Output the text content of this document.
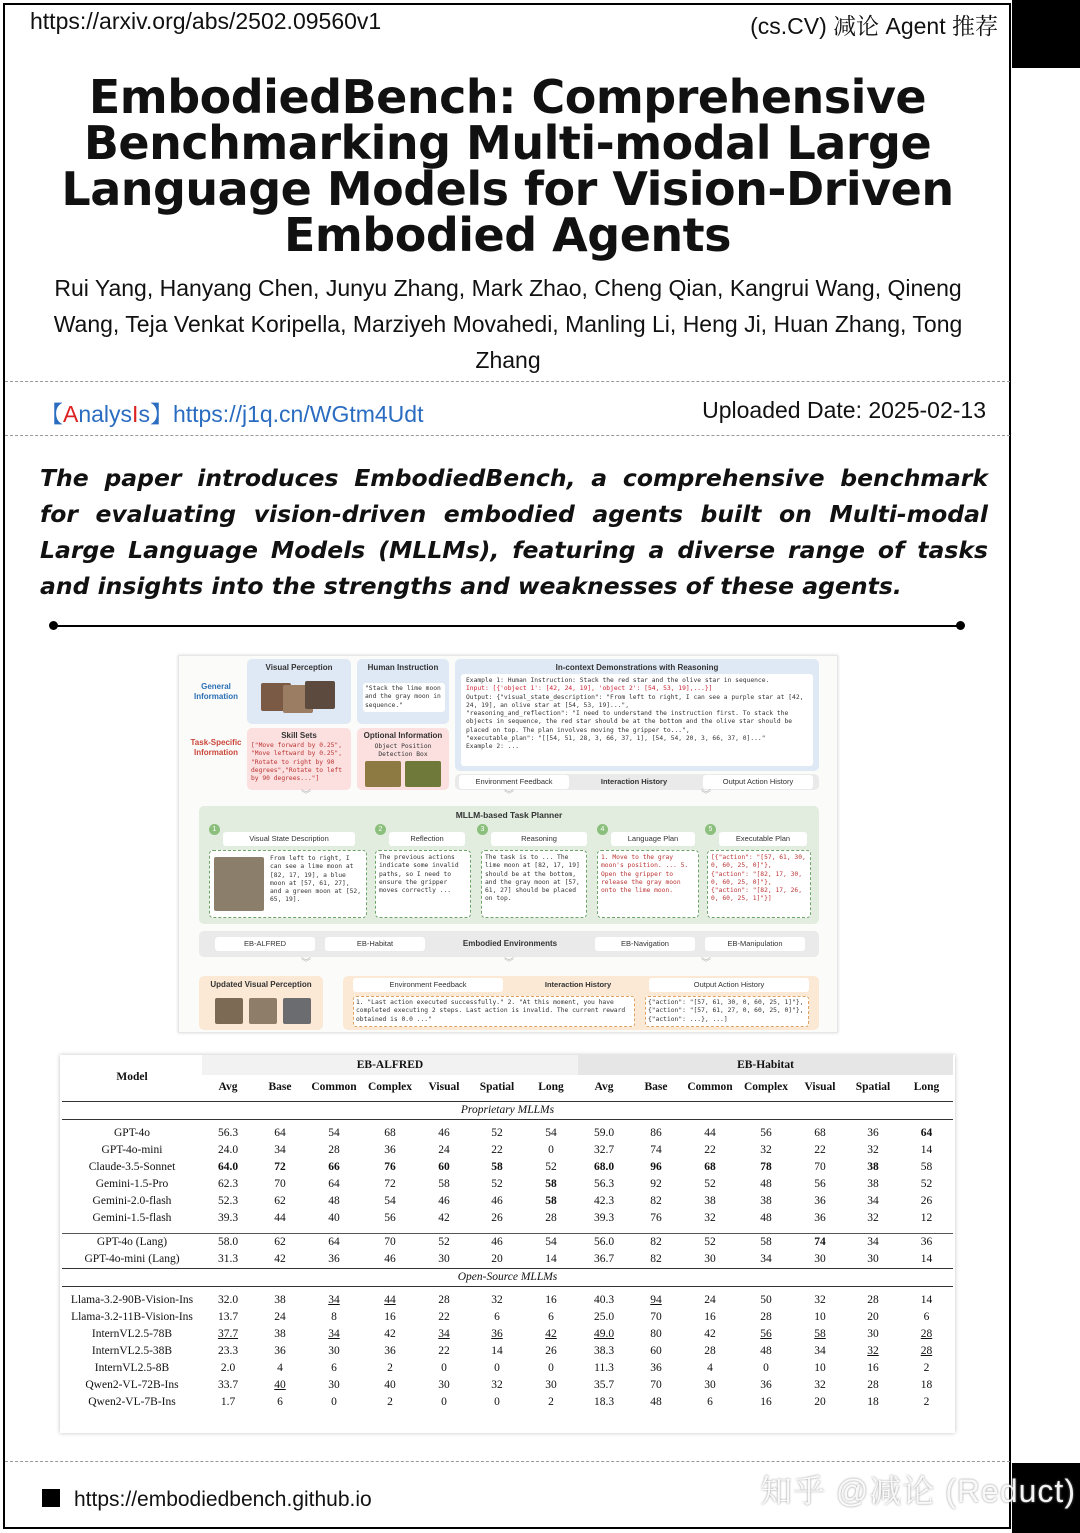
https://arxiv.org/abs/2502.09560v1	(cs.CV) 减论 Agent 推荐
EmbodiedBench: Comprehensive Benchmarking Multi-modal Large Language Models for Vision-Driven Embodied Agents
Rui Yang, Hanyang Chen, Junyu Zhang, Mark Zhao, Cheng Qian, Kangrui Wang, Qineng Wang, Teja Venkat Koripella, Marziyeh Movahedi, Manling Li, Heng Ji, Huan Zhang, Tong Zhang
【AnalysIs】https://j1q.cn/WGtm4Udt	Uploaded Date: 2025-02-13
The paper introduces EmbodiedBench, a comprehensive benchmark for evaluating vision-driven embodied agents built on Multi-modal Large Language Models (MLLMs), featuring a diverse range of tasks and insights into the strengths and weaknesses of these agents.
General Information
Task-Specific Information
Visual Perception	Human Instruction
"Stack the lime moon and the gray moon in sequence."
Skill Sets
["Move forward by 0.25", "Move leftward by 0.25", "Rotate to right by 90 degrees","Rotate to left by 90 degrees..."]
Optional Information
Object Position
Detection Box
In-context Demonstrations with Reasoning
Example 1: Human Instruction: Stack the red star and the olive star in sequence.
Input: [{'object 1': [42, 24, 19], 'object 2': [54, 53, 19],...}]
Output: {"visual_state_description": "From left to right, I can see a purple star at [42, 24, 19], an olive star at [54, 53, 19]...",
"reasoning_and_reflection": "I need to understand the instruction first. To stack the objects in sequence, the red star should be at the bottom and the olive star should be placed on top. The plan involves moving the gripper to...",
"executable_plan": "[[54, 51, 28, 3, 66, 37, 1], [54, 54, 20, 3, 66, 37, 0]..."
Example 2: ...
Environment Feedback	Interaction History	Output Action History
︾	︾	︾
MLLM-based Task Planner
1	2	3	4	5
Visual State Description	Reflection	Reasoning	Language Plan	Executable Plan
From left to right, I can see a lime moon at [82, 17, 19], a blue moon at [57, 61, 27], and a green moon at [52, 65, 19].
The previous actions indicate some invalid paths, so I need to ensure the gripper moves correctly ...
The task is to ... The lime moon at [82, 17, 19] should be at the bottom, and the gray moon at [57, 61, 27] should be placed on top.
1. Move to the gray moon's position. ... 5. Open the gripper to release the gray moon onto the lime moon.
[{"action": "[57, 61, 30, 0, 60, 25, 0]"}, {"action": "[82, 17, 30, 0, 60, 25, 0]"}, {"action": "[82, 17, 26, 0, 60, 25, 1]"}]
EB-ALFRED	EB-Habitat	Embodied Environments	EB-Navigation	EB-Manipulation
︾	︾	︾
Updated Visual Perception	Environment Feedback	Interaction History	Output Action History
1. "Last action executed successfully." 2. "At this moment, you have completed executing 2 steps. Last action is invalid. The current reward obtained is 0.0 ..."
{"action": "[57, 61, 30, 0, 60, 25, 1]"}, {"action": "[57, 61, 27, 0, 60, 25, 0]"}, {"action": ...}, ...]
Model	EB-ALFRED							EB-Habitat						
	Avg	Base	Common	Complex	Visual	Spatial	Long	Avg	Base	Common	Complex	Visual	Spatial	Long
Proprietary MLLMs														

GPT-4o	56.3	64	54	68	46	52	54	59.0	86	44	56	68	36	64
GPT-4o-mini	24.0	34	28	36	24	22	0	32.7	74	22	32	22	32	14
Claude-3.5-Sonnet	64.0	72	66	76	60	58	52	68.0	96	68	78	70	38	58
Gemini-1.5-Pro	62.3	70	64	72	58	52	58	56.3	92	52	48	56	38	52
Gemini-2.0-flash	52.3	62	48	54	46	46	58	42.3	82	38	38	36	34	26
Gemini-1.5-flash	39.3	44	40	56	42	26	28	39.3	76	32	48	36	32	12

GPT-4o (Lang)	58.0	62	64	70	52	46	54	56.0	82	52	58	74	34	36
GPT-4o-mini (Lang)	31.3	42	36	46	30	20	14	36.7	82	30	34	30	30	14
Open-Source MLLMs														

Llama-3.2-90B-Vision-Ins	32.0	38	34	44	28	32	16	40.3	94	24	50	32	28	14
Llama-3.2-11B-Vision-Ins	13.7	24	8	16	22	6	6	25.0	70	16	28	10	20	6
InternVL2.5-78B	37.7	38	34	42	34	36	42	49.0	80	42	56	58	30	28
InternVL2.5-38B	23.3	36	30	36	22	14	26	38.3	60	28	48	34	32	28
InternVL2.5-8B	2.0	4	6	2	0	0	0	11.3	36	4	0	10	16	2
Qwen2-VL-72B-Ins	33.7	40	30	40	30	32	30	35.7	70	30	36	32	28	18
Qwen2-VL-7B-Ins	1.7	6	0	2	0	0	2	18.3	48	6	16	20	18	2
https://embodiedbench.github.io	知乎 @减论 (Reduct)
